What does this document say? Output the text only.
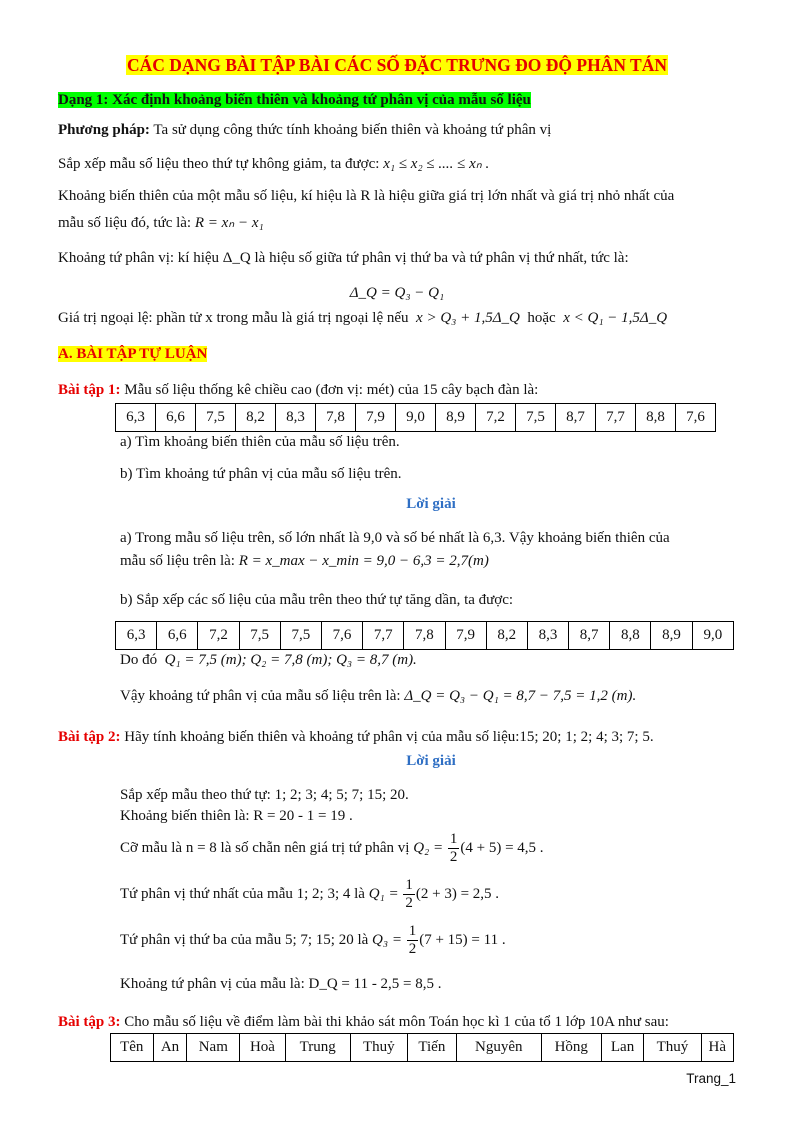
CÁC DẠNG BÀI TẬP BÀI CÁC SỐ ĐẶC TRƯNG ĐO ĐỘ PHÂN TÁN
Dạng 1: Xác định khoảng biến thiên và khoảng tứ phân vị của mẫu số liệu
Phương pháp: Ta sử dụng công thức tính khoảng biến thiên và khoảng tứ phân vị
Sắp xếp mẫu số liệu theo thứ tự không giảm, ta được: x₁ ≤ x₂ ≤ .... ≤ xₙ .
Khoảng biến thiên của một mẫu số liệu, kí hiệu là R là hiệu giữa giá trị lớn nhất và giá trị nhỏ nhất của
mẫu số liệu đó, tức là: R = xₙ − x₁
Khoảng tứ phân vị: kí hiệu Δ_Q là hiệu số giữa tứ phân vị thứ ba và tứ phân vị thứ nhất, tức là:
Δ_Q = Q₃ − Q₁
Giá trị ngoại lệ: phần tử x trong mẫu là giá trị ngoại lệ nếu x > Q₃ + 1,5Δ_Q hoặc x < Q₁ − 1,5Δ_Q
A. BÀI TẬP TỰ LUẬN
Bài tập 1: Mẫu số liệu thống kê chiều cao (đơn vị: mét) của 15 cây bạch đàn là:
6,3	6,6	7,5	8,2	8,3	7,8	7,9	9,0	8,9	7,2	7,5	8,7	7,7	8,8	7,6
a) Tìm khoảng biến thiên của mẫu số liệu trên.
b) Tìm khoảng tứ phân vị của mẫu số liệu trên.
Lời giải
a) Trong mẫu số liệu trên, số lớn nhất là 9,0 và số bé nhất là 6,3. Vậy khoảng biến thiên của
mẫu số liệu trên là: R = x_max − x_min = 9,0 − 6,3 = 2,7(m)
b) Sắp xếp các số liệu của mẫu trên theo thứ tự tăng dần, ta được:
6,3	6,6	7,2	7,5	7,5	7,6	7,7	7,8	7,9	8,2	8,3	8,7	8,8	8,9	9,0
Do đó Q₁ = 7,5 (m); Q₂ = 7,8 (m); Q₃ = 8,7 (m).
Vậy khoảng tứ phân vị của mẫu số liệu trên là: Δ_Q = Q₃ − Q₁ = 8,7 − 7,5 = 1,2 (m).
Bài tập 2: Hãy tính khoảng biến thiên và khoảng tứ phân vị của mẫu số liệu:15; 20; 1; 2; 4; 3; 7; 5.
Lời giải
Sắp xếp mẫu theo thứ tự: 1; 2; 3; 4; 5; 7; 15; 20.
Khoảng biến thiên là: R = 20 - 1 = 19 .
Cỡ mẫu là n = 8 là số chẵn nên giá trị tứ phân vị $Q_2 = \frac{1}{2} (4 + 5) = 4,5$ .
Tứ phân vị thứ nhất của mẫu 1; 2; 3; 4 là $Q_1 = \frac{1}{2} (2 + 3) = 2,5$ .
Tứ phân vị thứ ba của mẫu 5; 7; 15; 20 là $Q_3 = \frac{1}{2} (7 + 15) = 11$ .
Khoảng tứ phân vị của mẫu là: D_Q = 11 - 2,5 = 8,5 .
Bài tập 3: Cho mẫu số liệu về điểm làm bài thi khảo sát môn Toán học kì 1 của tổ 1 lớp 10A như sau:
Tên	An	Nam	Hoà	Trung	Thuỷ	Tiến	Nguyên	Hồng	Lan	Thuý	Hà
Trang_1
